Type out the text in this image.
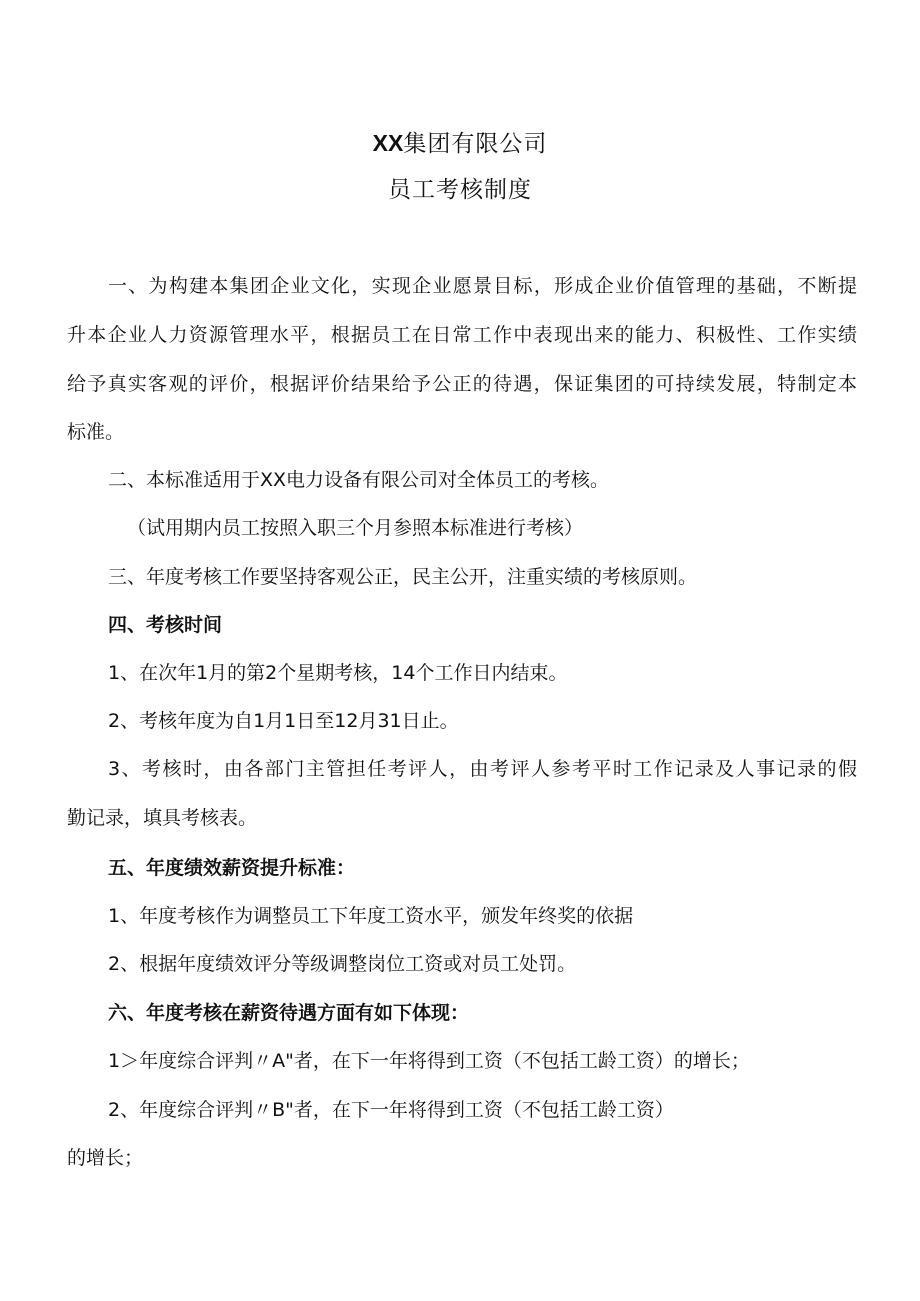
XX集团有限公司
员工考核制度
一、为构建本集团企业文化，实现企业愿景目标，形成企业价值管理的基础，不断提
升本企业人力资源管理水平，根据员工在日常工作中表现出来的能力、积极性、工作实绩
给予真实客观的评价，根据评价结果给予公正的待遇，保证集团的可持续发展，特制定本
标准。
二、本标准适用于XX电力设备有限公司对全体员工的考核。
（试用期内员工按照入职三个月参照本标准进行考核）
三、年度考核工作要坚持客观公正，民主公开，注重实绩的考核原则。
四、考核时间
1、在次年1月的第2个星期考核，14个工作日内结束。
2、考核年度为自1月1日至12月31日止。
3、考核时，由各部门主管担任考评人，由考评人参考平时工作记录及人事记录的假
勤记录，填具考核表。
五、年度绩效薪资提升标准：
1、年度考核作为调整员工下年度工资水平，颁发年终奖的依据
2、根据年度绩效评分等级调整岗位工资或对员工处罚。
六、年度考核在薪资待遇方面有如下体现：
1＞年度综合评判〃A"者，在下一年将得到工资（不包括工龄工资）的增长；
2、年度综合评判〃B"者，在下一年将得到工资（不包括工龄工资）
的增长；
